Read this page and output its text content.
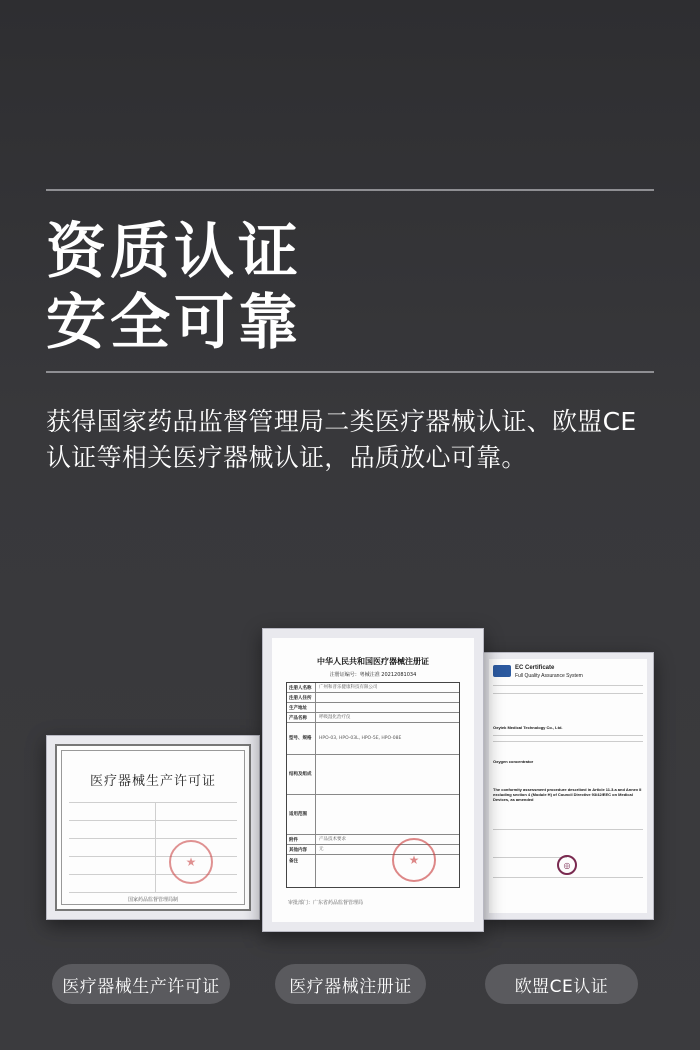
资质认证
安全可靠
获得国家药品监督管理局二类医疗器械认证、欧盟CE
认证等相关医疗器械认证，品质放心可靠。
医疗器械生产许可证
★
国家药品监督管理局制
中华人民共和国医疗器械注册证
注册证编号：粤械注准 20212081034
注册人名称 广州和普乐健康科技有限公司
注册人住所
生产地址
产品名称	呼吸湿化治疗仪
型号、规格 HPO-03, HPO-03L, HPO-5E, HPO-08E
结构及组成
适用范围
附件	产品技术要求
其他内容	无
备注	★
审批部门：广东省药品监督管理局
EC Certificate
Full Quality Assurance System
Oxytek Medical Technology Co., Ltd.
Oxygen concentrator
The conformity assessment procedure described in Article 11.3.a and Annex II excluding section 4 (Module H) of Council Directive 93/42/EEC on Medical Devices, as amended
◎
医疗器械生产许可证	医疗器械注册证	欧盟CE认证
